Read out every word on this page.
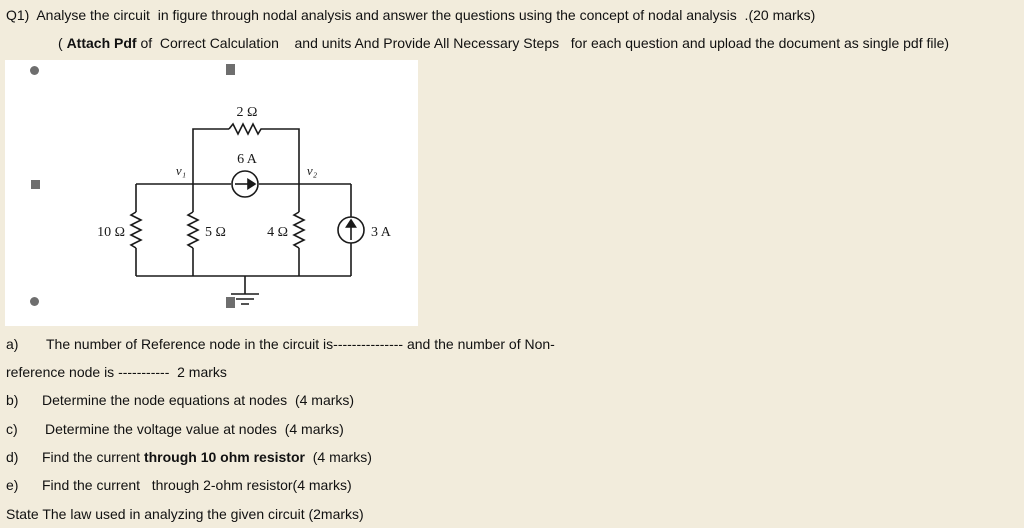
Q1)  Analyse the circuit  in figure through nodal analysis and answer the questions using the concept of nodal analysis  .(20 marks)
( Attach Pdf of  Correct Calculation    and units And Provide All Necessary Steps   for each question and upload the document as single pdf file)
2 Ω
6 A
v₁	v₂
10 Ω	5 Ω	4 Ω	3 A
a) The number of Reference node in the circuit is--------------- and the number of Non-
reference node is -----------  2 marks
b) Determine the node equations at nodes  (4 marks)
c) Determine the voltage value at nodes  (4 marks)
d) Find the current through 10 ohm resistor  (4 marks)
e) Find the current   through 2-ohm resistor(4 marks)
State The law used in analyzing the given circuit (2marks)
